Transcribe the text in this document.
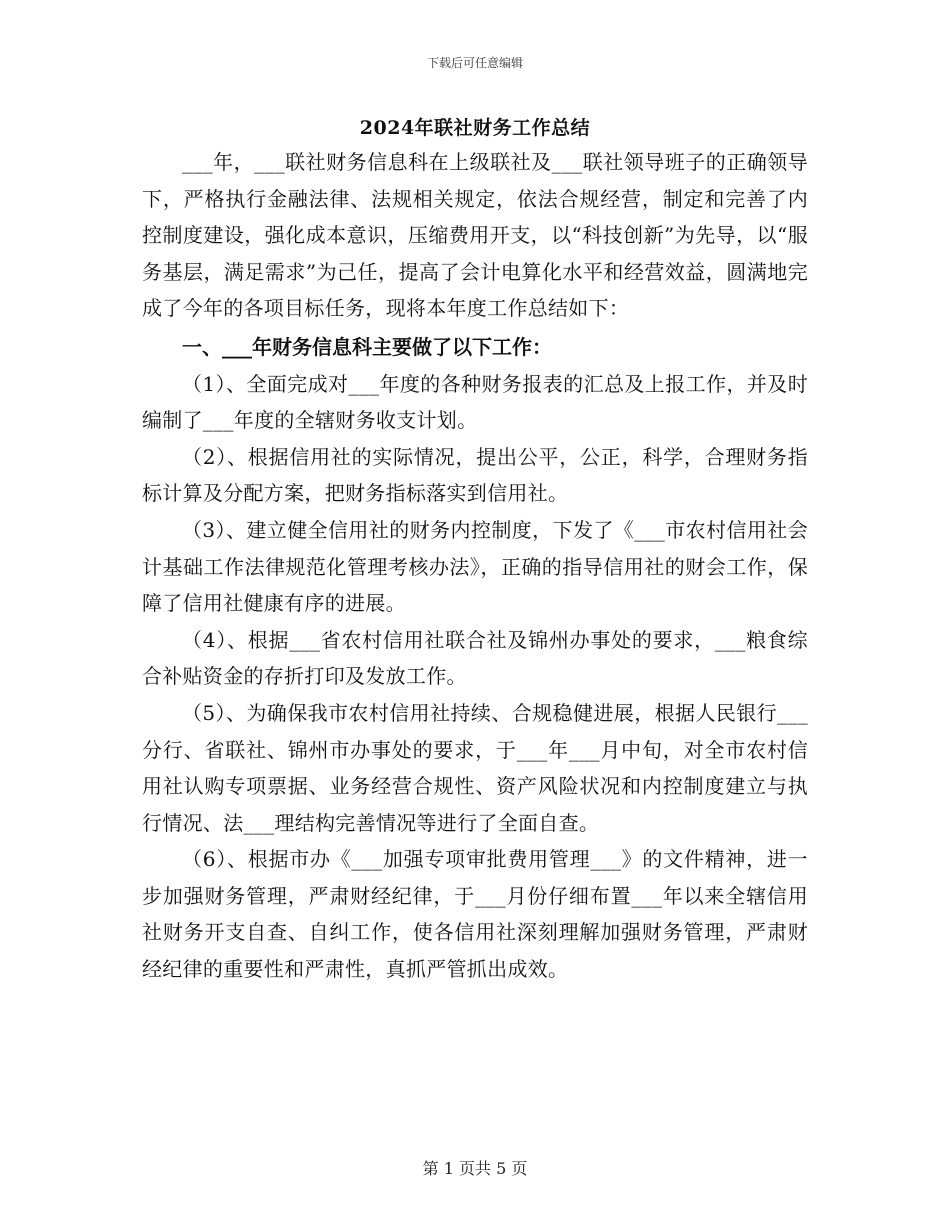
下载后可任意编辑
2024年联社财务工作总结

___年，___联社财务信息科在上级联社及___联社领导班子的正确领导下，严格执行金融法律、法规相关规定，依法合规经营，制定和完善了内控制度建设，强化成本意识，压缩费用开支，以“科技创新”为先导，以“服务基层，满足需求”为己任，提高了会计电算化水平和经营效益，圆满地完成了今年的各项目标任务，现将本年度工作总结如下：

一、___年财务信息科主要做了以下工作：

（1）、全面完成对___年度的各种财务报表的汇总及上报工作，并及时编制了___年度的全辖财务收支计划。

（2）、根据信用社的实际情况，提出公平，公正，科学，合理财务指标计算及分配方案，把财务指标落实到信用社。

（3）、建立健全信用社的财务内控制度，下发了《___市农村信用社会计基础工作法律规范化管理考核办法》，正确的指导信用社的财会工作，保障了信用社健康有序的进展。

（4）、根据___省农村信用社联合社及锦州办事处的要求，___粮食综合补贴资金的存折打印及发放工作。

（5）、为确保我市农村信用社持续、合规稳健进展，根据人民银行___分行、省联社、锦州市办事处的要求，于___年___月中旬，对全市农村信用社认购专项票据、业务经营合规性、资产风险状况和内控制度建立与执行情况、法___理结构完善情况等进行了全面自查。

（6）、根据市办《___加强专项审批费用管理___》的文件精神，进一步加强财务管理，严肃财经纪律，于___月份仔细布置___年以来全辖信用社财务开支自查、自纠工作，使各信用社深刻理解加强财务管理，严肃财经纪律的重要性和严肃性，真抓严管抓出成效。

第 1 页共 5 页
